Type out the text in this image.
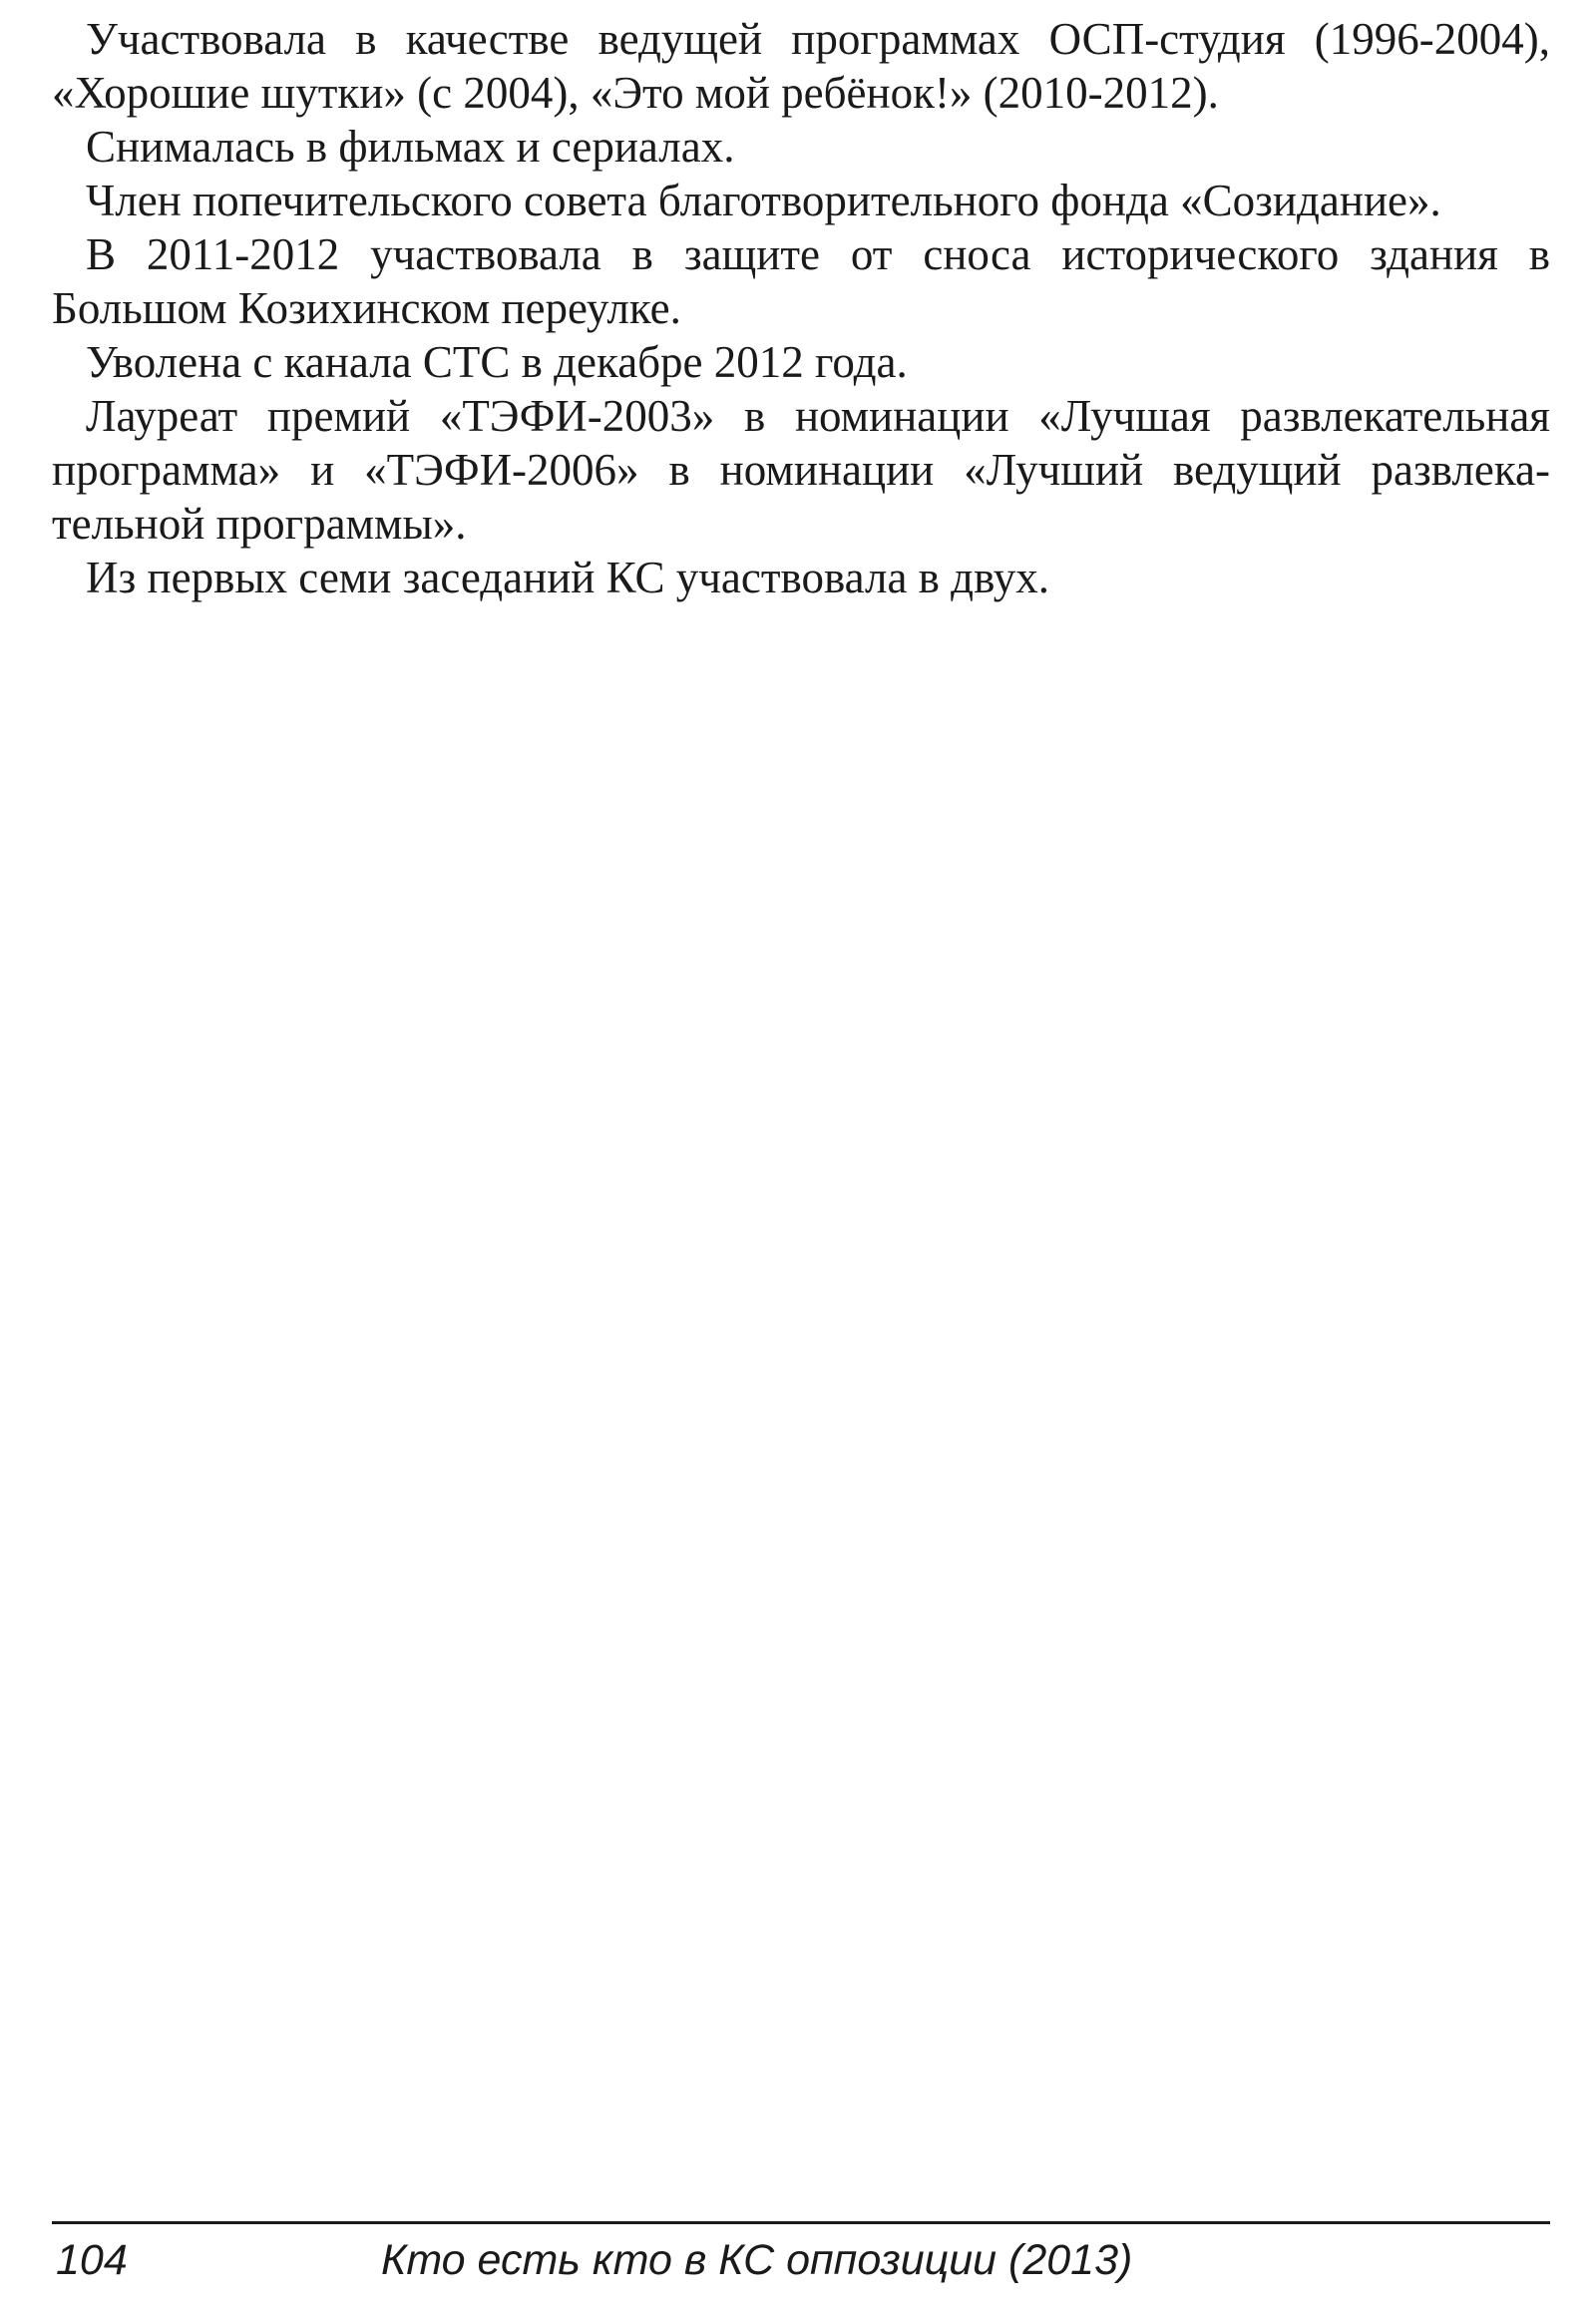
Участвовала в качестве ведущей программах ОСП-студия (1996-2004), «Хорошие шутки» (с 2004), «Это мой ребёнок!» (2010-2012).

Снималась в фильмах и сериалах.

Член попечительского совета благотворительного фонда «Созидание».

В 2011-2012 участвовала в защите от сноса исторического здания в Большом Козихинском переулке.

Уволена с канала СТС в декабре 2012 года.

Лауреат премий «ТЭФИ-2003» в номинации «Лучшая развлекательная программа» и «ТЭФИ-2006» в номинации «Лучший ведущий развлекательной программы».

Из первых семи заседаний КС участвовала в двух.

104	Кто есть кто в КС оппозиции (2013)
